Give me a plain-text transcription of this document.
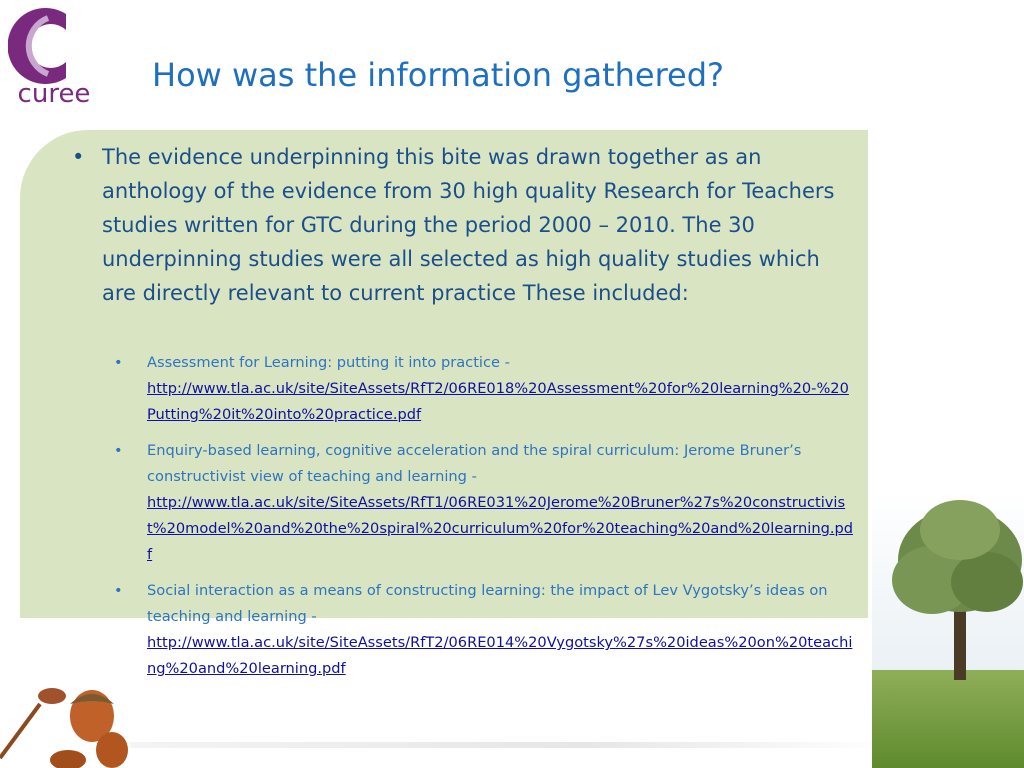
curee How was the information gathered?
• The evidence underpinning this bite was drawn together as an anthology of the evidence from 30 high quality Research for Teachers studies written for GTC during the period 2000 – 2010. The 30 underpinning studies were all selected as high quality studies which are directly relevant to current practice These included:
• Assessment for Learning: putting it into practice -
http://www.tla.ac.uk/site/SiteAssets/RfT2/06RE018%20Assessment%20for%20learning%20-%20Putting%20it%20into%20practice.pdf
• Enquiry-based learning, cognitive acceleration and the spiral curriculum: Jerome Bruner’s constructivist view of teaching and learning -
http://www.tla.ac.uk/site/SiteAssets/RfT1/06RE031%20Jerome%20Bruner%27s%20constructivist%20model%20and%20the%20spiral%20curriculum%20for%20teaching%20and%20learning.pdf
• Social interaction as a means of constructing learning: the impact of Lev Vygotsky’s ideas on teaching and learning -
http://www.tla.ac.uk/site/SiteAssets/RfT2/06RE014%20Vygotsky%27s%20ideas%20on%20teaching%20and%20learning.pdf
